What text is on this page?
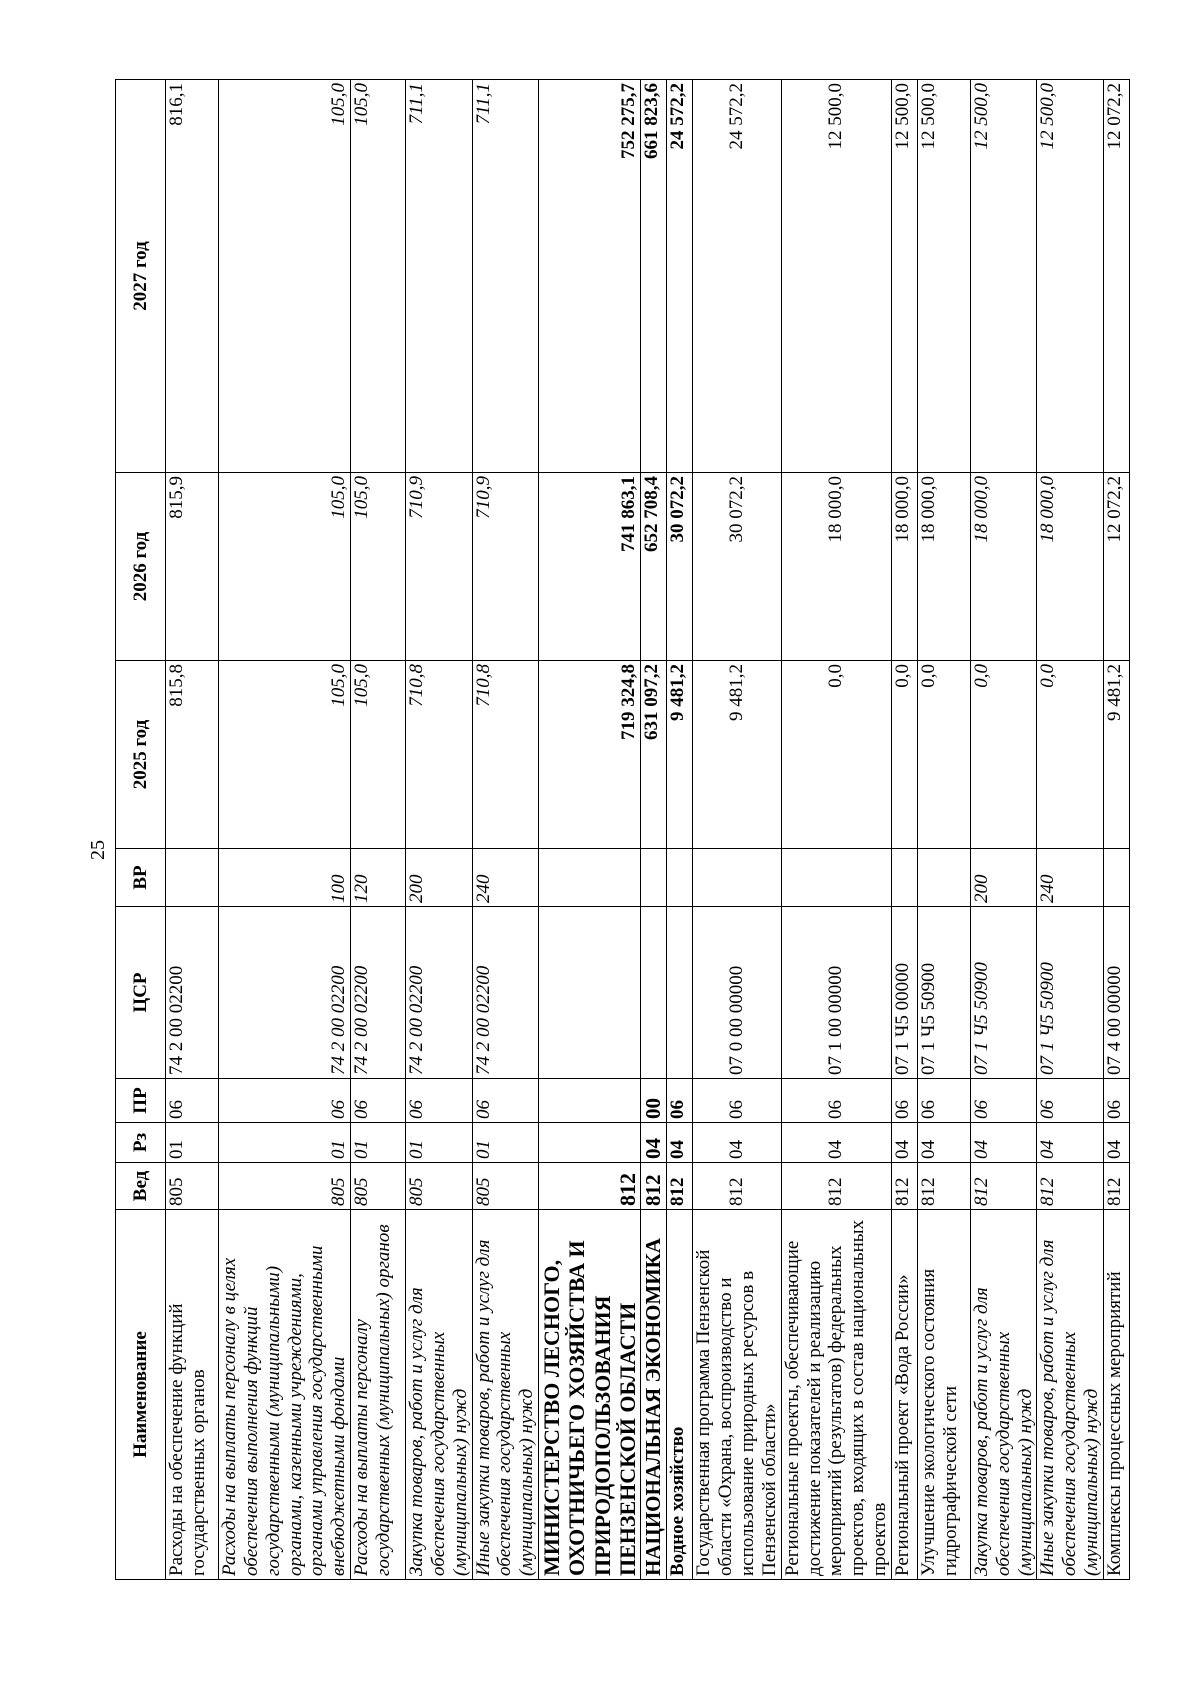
25
Наименование	Вед	Рз	ПР	ЦСР	ВР	2025 год	2026 год	2027 год
Расходы на обеспечение функций государственных органов	805	01	06	74 2 00 02200		815,8	815,9	816,1
Расходы на выплаты персоналу в целях обеспечения выполнения функций государственными (муниципальными) органами, казенными учреждениями, органами управления государственными внебюджетными фондами	805	01	06	74 2 00 02200	100	105,0	105,0	105,0
Расходы на выплаты персоналу государственных (муниципальных) органов	805	01	06	74 2 00 02200	120	105,0	105,0	105,0
Закупка товаров, работ и услуг для обеспечения государственных (муниципальных) нужд	805	01	06	74 2 00 02200	200	710,8	710,9	711,1
Иные закупки товаров, работ и услуг для обеспечения государственных (муниципальных) нужд	805	01	06	74 2 00 02200	240	710,8	710,9	711,1
МИНИСТЕРСТВО ЛЕСНОГО, ОХОТНИЧЬЕГО ХОЗЯЙСТВА И ПРИРОДОПОЛЬЗОВАНИЯ ПЕНЗЕНСКОЙ ОБЛАСТИ	812					719 324,8	741 863,1	752 275,7
НАЦИОНАЛЬНАЯ ЭКОНОМИКА	812	04	00			631 097,2	652 708,4	661 823,6
Водное хозяйство	812	04	06			9 481,2	30 072,2	24 572,2
Государственная программа Пензенской области «Охрана, воспроизводство и использование природных ресурсов в Пензенской области»	812	04	06	07 0 00 00000		9 481,2	30 072,2	24 572,2
Региональные проекты, обеспечивающие достижение показателей и реализацию мероприятий (результатов) федеральных проектов, входящих в состав национальных проектов	812	04	06	07 1 00 00000		0,0	18 000,0	12 500,0
Региональный проект «Вода России»	812	04	06	07 1 Ч5 00000		0,0	18 000,0	12 500,0
Улучшение экологического состояния гидрографической сети	812	04	06	07 1 Ч5 50900		0,0	18 000,0	12 500,0
Закупка товаров, работ и услуг для обеспечения государственных (муниципальных) нужд	812	04	06	07 1 Ч5 50900	200	0,0	18 000,0	12 500,0
Иные закупки товаров, работ и услуг для обеспечения государственных (муниципальных) нужд	812	04	06	07 1 Ч5 50900	240	0,0	18 000,0	12 500,0
Комплексы процессных мероприятий	812	04	06	07 4 00 00000		9 481,2	12 072,2	12 072,2
